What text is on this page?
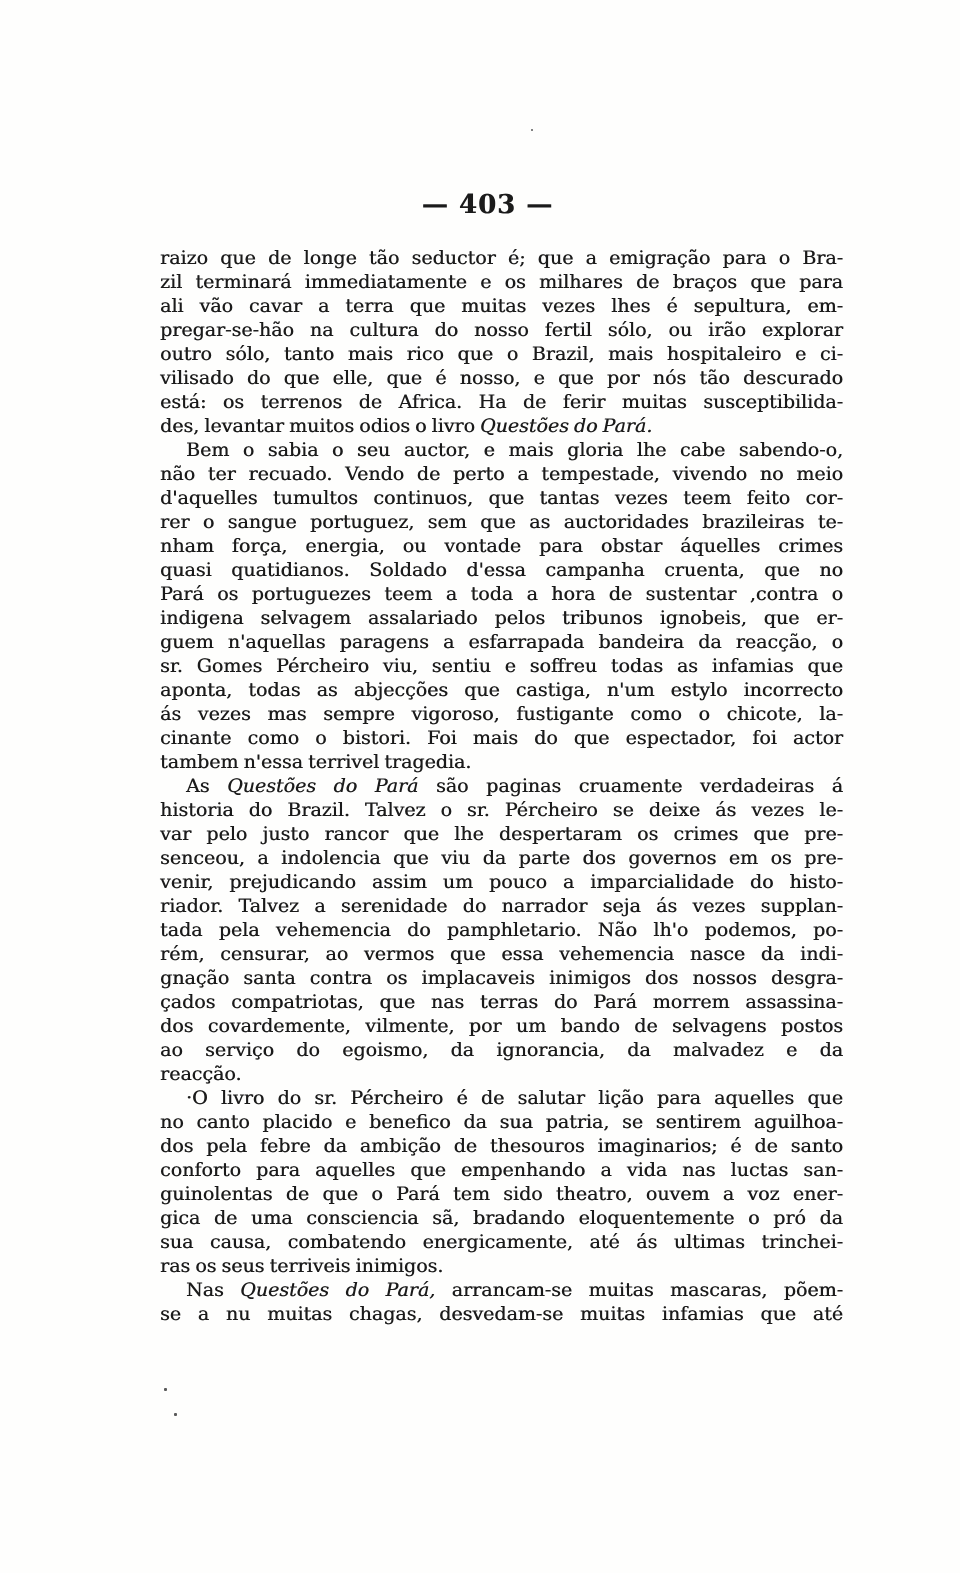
— 403 —
raizo que de longe tão seductor é; que a emigração para o Bra-
zil terminará immediatamente e os milhares de braços que para
ali vão cavar a terra que muitas vezes lhes é sepultura, em-
pregar-se-hão na cultura do nosso fertil sólo, ou irão explorar
outro sólo, tanto mais rico que o Brazil, mais hospitaleiro e ci-
vilisado do que elle, que é nosso, e que por nós tão descurado
está: os terrenos de Africa. Ha de ferir muitas susceptibilida-
des, levantar muitos odios o livro Questões do Pará.
Bem o sabia o seu auctor, e mais gloria lhe cabe sabendo-o,
não ter recuado. Vendo de perto a tempestade, vivendo no meio
d'aquelles tumultos continuos, que tantas vezes teem feito cor-
rer o sangue portuguez, sem que as auctoridades brazileiras te-
nham força, energia, ou vontade para obstar áquelles crimes
quasi quatidianos. Soldado d'essa campanha cruenta, que no
Pará os portuguezes teem a toda a hora de sustentar ,contra o
indigena selvagem assalariado pelos tribunos ignobeis, que er-
guem n'aquellas paragens a esfarrapada bandeira da reacção, o
sr. Gomes Pércheiro viu, sentiu e soffreu todas as infamias que
aponta, todas as abjecções que castiga, n'um estylo incorrecto
ás vezes mas sempre vigoroso, fustigante como o chicote, la-
cinante como o bistori. Foi mais do que espectador, foi actor
tambem n'essa terrivel tragedia.
As Questões do Pará são paginas cruamente verdadeiras á
historia do Brazil. Talvez o sr. Pércheiro se deixe ás vezes le-
var pelo justo rancor que lhe despertaram os crimes que pre-
senceou, a indolencia que viu da parte dos governos em os pre-
venir, prejudicando assim um pouco a imparcialidade do histo-
riador. Talvez a serenidade do narrador seja ás vezes supplan-
tada pela vehemencia do pamphletario. Não lh'o podemos, po-
rém, censurar, ao vermos que essa vehemencia nasce da indi-
gnação santa contra os implacaveis inimigos dos nossos desgra-
çados compatriotas, que nas terras do Pará morrem assassina-
dos covardemente, vilmente, por um bando de selvagens postos
ao serviço do egoismo, da ignorancia, da malvadez e da
reacção.
·O livro do sr. Pércheiro é de salutar lição para aquelles que
no canto placido e benefico da sua patria, se sentirem aguilhoa-
dos pela febre da ambição de thesouros imaginarios; é de santo
conforto para aquelles que empenhando a vida nas luctas san-
guinolentas de que o Pará tem sido theatro, ouvem a voz ener-
gica de uma consciencia sã, bradando eloquentemente o pró da
sua causa, combatendo energicamente, até ás ultimas trinchei-
ras os seus terriveis inimigos.
Nas Questões do Pará, arrancam-se muitas mascaras, põem-
se a nu muitas chagas, desvedam-se muitas infamias que até
